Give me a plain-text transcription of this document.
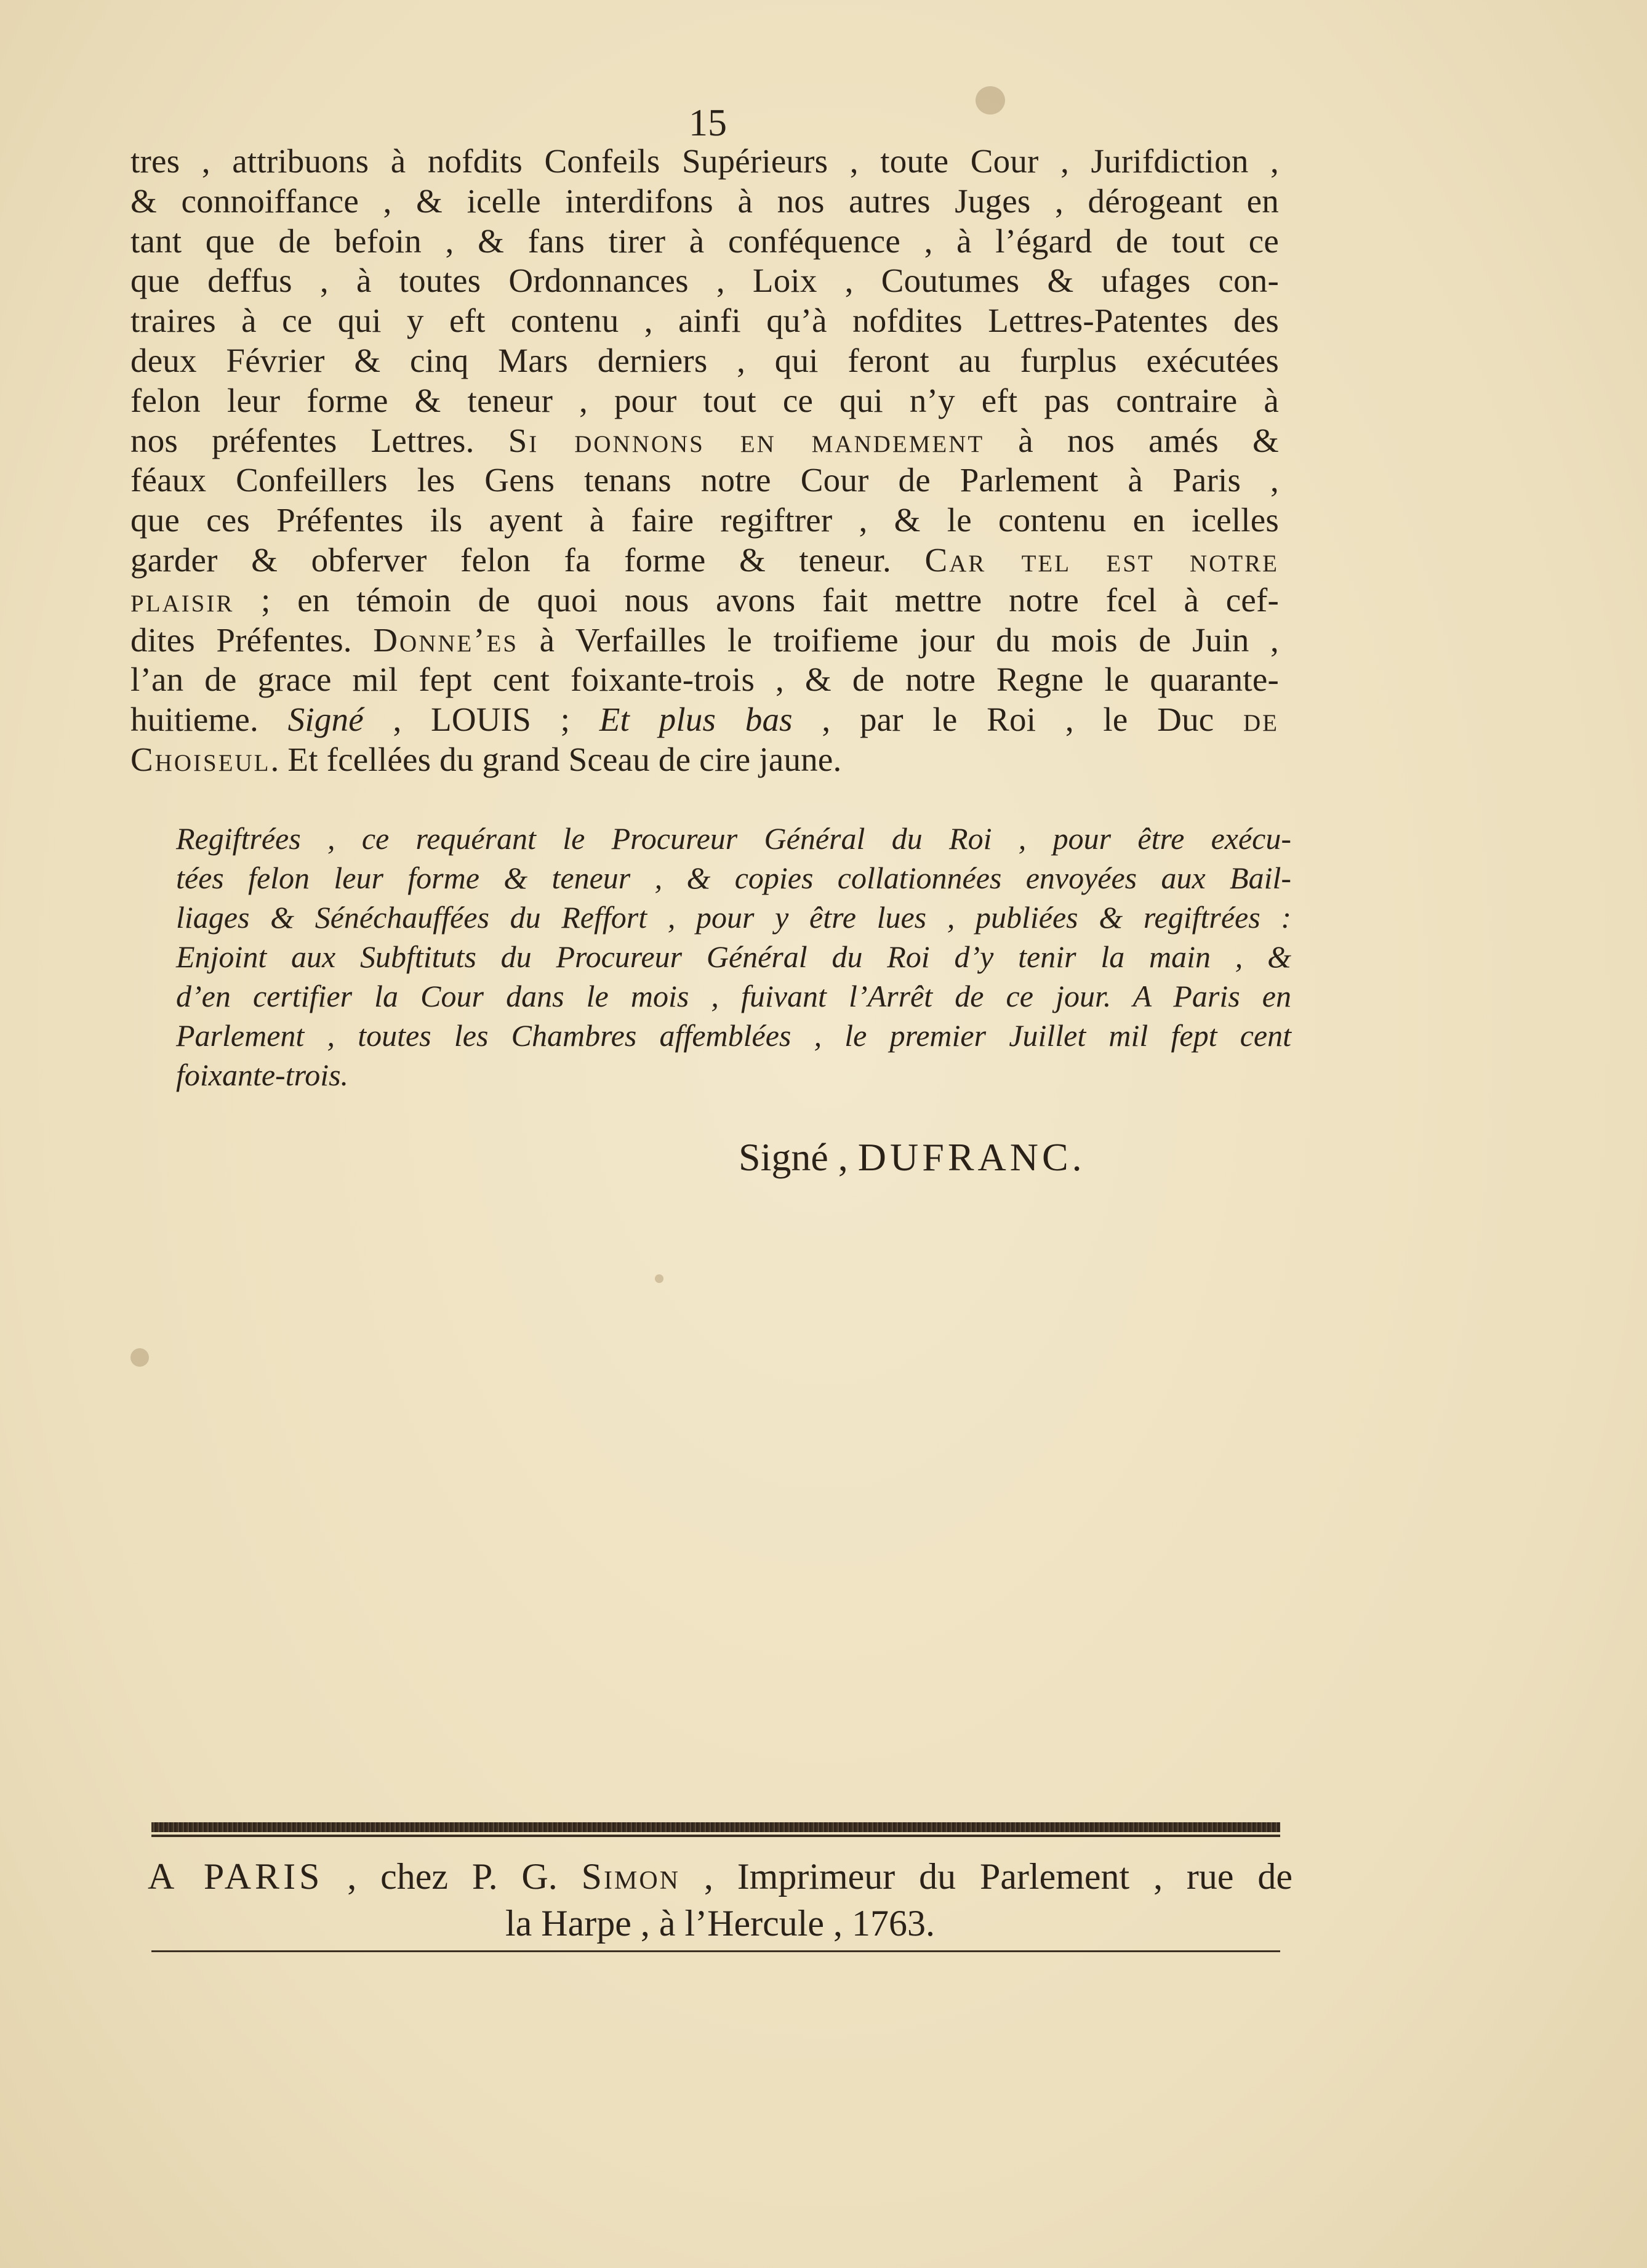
15
tres , attribuons à nofdits Confeils Supérieurs , toute Cour , Jurifdiction ,
& connoiffance , & icelle interdifons à nos autres Juges , dérogeant en
tant que de befoin , & fans tirer à conféquence , à l’égard de tout ce
que deffus , à toutes Ordonnances , Loix , Coutumes & ufages con-
traires à ce qui y eft contenu , ainfi qu’à nofdites Lettres-Patentes des
deux Février & cinq Mars derniers , qui feront au furplus exécutées
felon leur forme & teneur , pour tout ce qui n’y eft pas contraire à
nos préfentes Lettres. Si donnons en mandement à nos amés &
féaux Confeillers les Gens tenans notre Cour de Parlement à Paris ,
que ces Préfentes ils ayent à faire regiftrer , & le contenu en icelles
garder & obferver felon fa forme & teneur. Car tel est notre
plaisir ; en témoin de quoi nous avons fait mettre notre fcel à cef-
dites Préfentes. Donne’es à Verfailles le troifieme jour du mois de Juin ,
l’an de grace mil fept cent foixante-trois , & de notre Regne le quarante-
huitieme. Signé , LOUIS ; Et plus bas , par le Roi , le Duc de
Choiseul. Et fcellées du grand Sceau de cire jaune.
Regiftrées , ce requérant le Procureur Général du Roi , pour être exécu-
tées felon leur forme & teneur , & copies collationnées envoyées aux Bail-
liages & Sénéchauffées du Reffort , pour y être lues , publiées & regiftrées :
Enjoint aux Subftituts du Procureur Général du Roi d’y tenir la main , &
d’en certifier la Cour dans le mois , fuivant l’Arrêt de ce jour. A Paris en
Parlement , toutes les Chambres affemblées , le premier Juillet mil fept cent
foixante-trois.
Signé , DUFRANC.
A PARIS , chez P. G. Simon , Imprimeur du Parlement , rue de
la Harpe , à l’Hercule , 1763.
